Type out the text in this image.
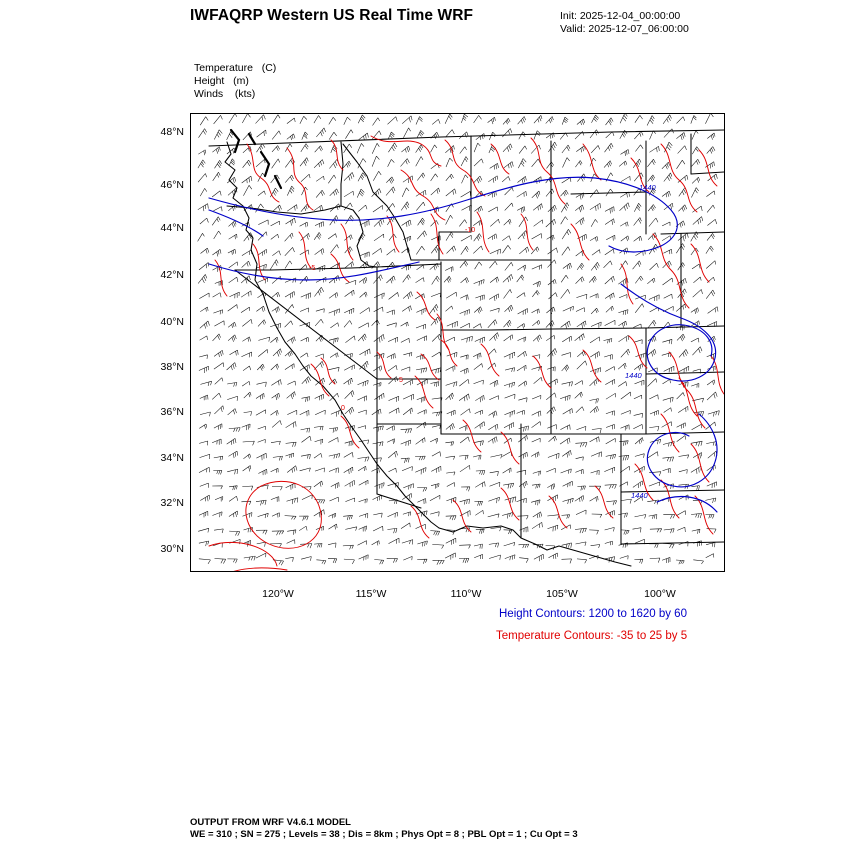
IWFAQRP Western US Real Time WRF	Init: 2025-12-04_00:00:00
Valid: 2025-12-07_06:00:00
Temperature   (C)
Height   (m)
Winds    (kts)
48°N
46°N
44°N
42°N
40°N
38°N
36°N
34°N
32°N
30°N
120°W	115°W	110°W	105°W	100°W
-5
0
5
-10
1440
1440
1440
Height Contours: 1200 to 1620 by 60
Temperature Contours: -35 to 25 by 5
OUTPUT FROM WRF V4.6.1 MODEL
WE = 310 ; SN = 275 ; Levels = 38 ; Dis = 8km ; Phys Opt = 8 ; PBL Opt = 1 ; Cu Opt = 3
